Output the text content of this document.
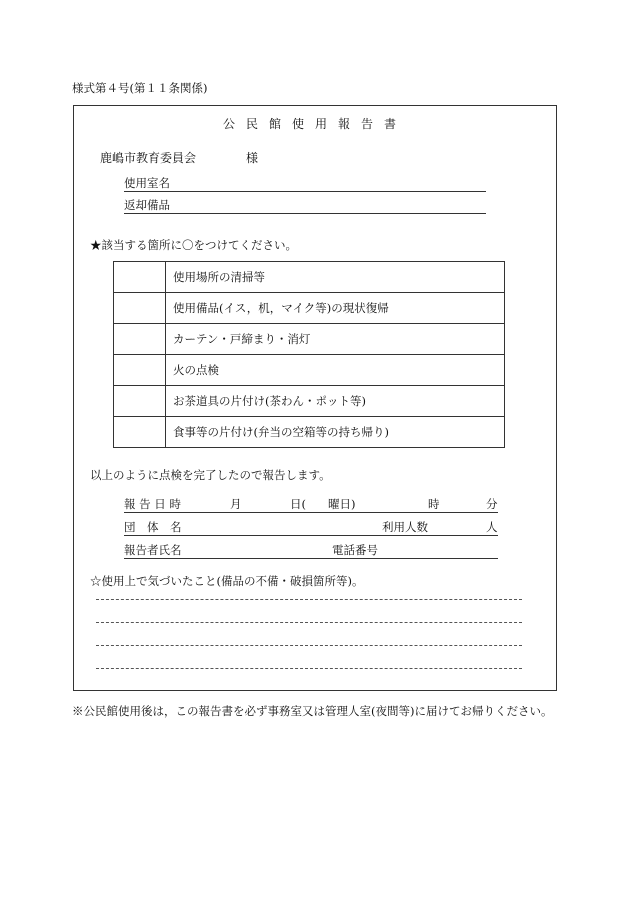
様式第４号(第１１条関係)
公民館使用報告書
鹿嶋市教育委員会	様
使用室名
返却備品
★該当する箇所に〇をつけてください。
	使用場所の清掃等
	使用備品(イス，机，マイク等)の現状復帰
	カーテン・戸締まり・消灯
	火の点検
	お茶道具の片付け(茶わん・ポット等)
	食事等の片付け(弁当の空箱等の持ち帰り)
以上のように点検を完了したので報告します。
報 告 日 時	月	日( 曜日)	時	分
団　体　名	利用人数	人
報告者氏名	電話番号
☆使用上で気づいたこと(備品の不備・破損箇所等)。
※公民館使用後は，この報告書を必ず事務室又は管理人室(夜間等)に届けてお帰りください。
